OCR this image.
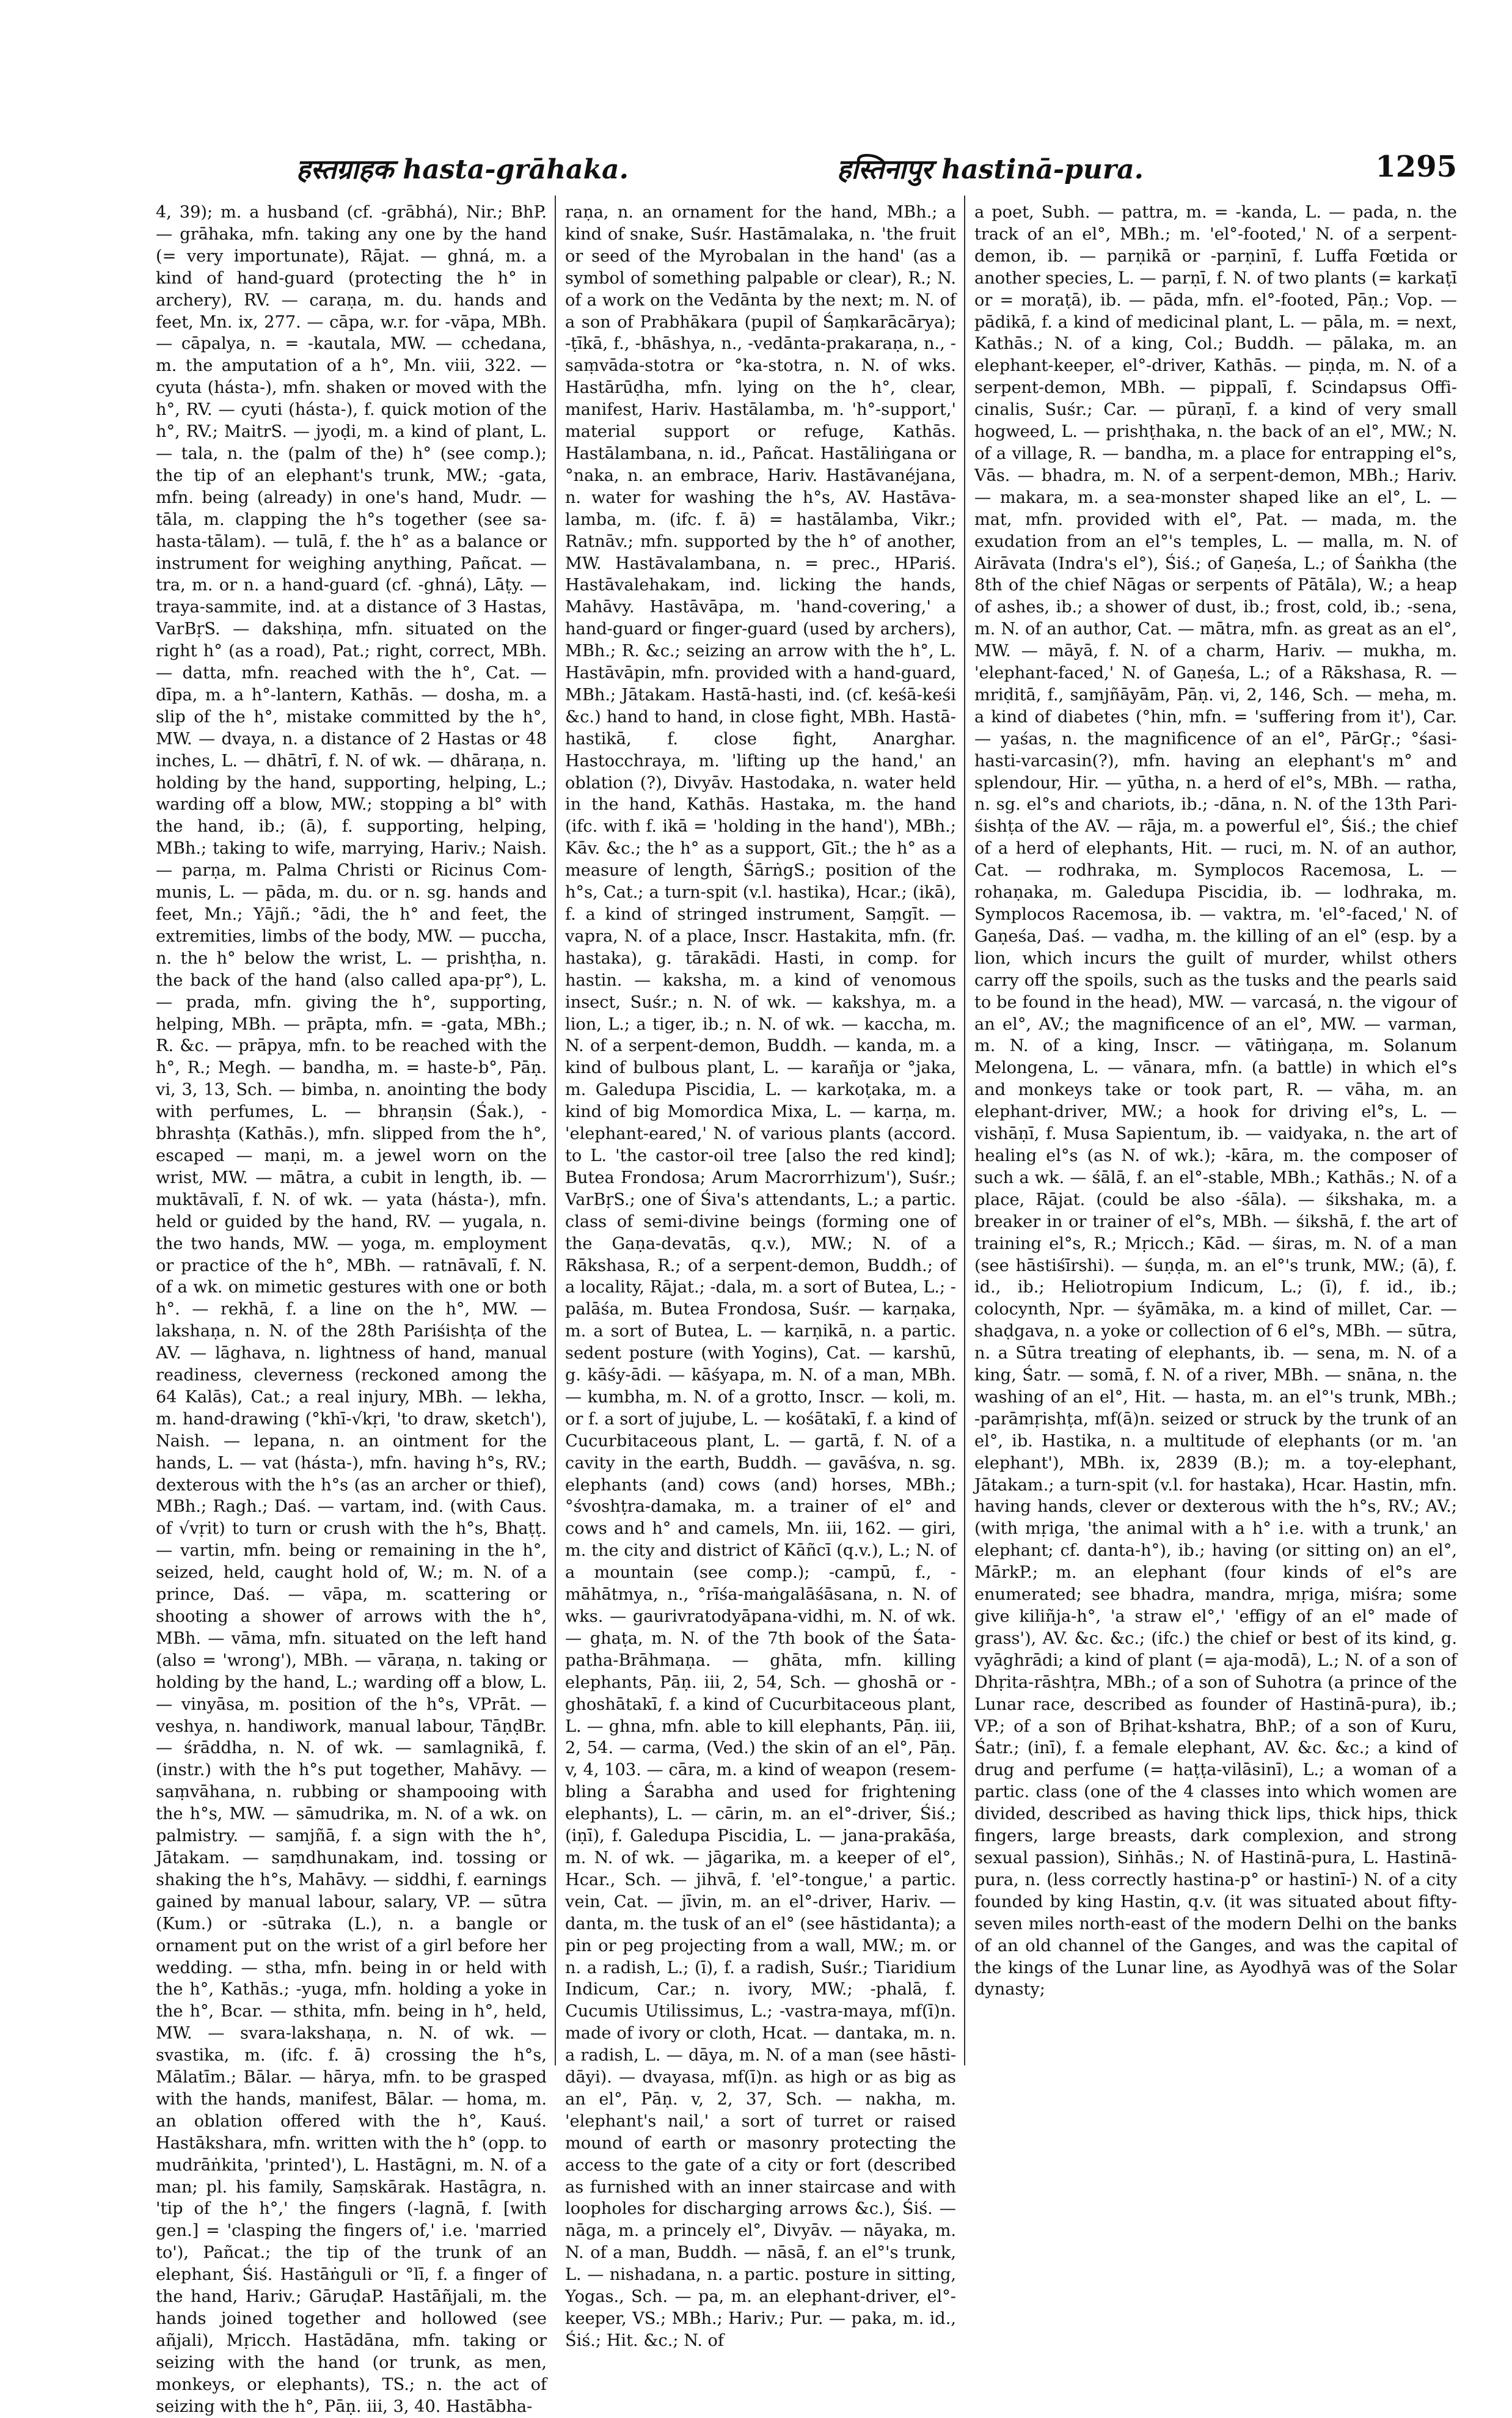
हस्तग्राहक hasta-grāhaka.	हस्तिनापुर hastinā-pura.	1295

4, 39); m. a husband (cf. -grābhá), Nir.; BhP. — grāhaka, mfn. taking any one by the hand (= very importunate), Rājat. — ghná, m. a kind of hand-guard (protecting the h° in archery), RV. — caraṇa, m. du. hands and feet, Mn. ix, 277. — cāpa, w.r. for -vāpa, MBh. — cāpalya, n. = -kautala, MW. — cchedana, m. the amputation of a h°, Mn. viii, 322. — cyuta (hásta-), mfn. shaken or moved with the h°, RV. — cyuti (hásta-), f. quick motion of the h°, RV.; MaitrS. — jyoḍi, m. a kind of plant, L. — tala, n. the (palm of the) h° (see comp.); the tip of an elephant's trunk, MW.; -gata, mfn. being (already) in one's hand, Mudr. — tāla, m. clapping the h°s together (see sa-hasta-tālam). — tulā, f. the h° as a balance or instrument for weighing anything, Pañcat. — tra, m. or n. a hand-guard (cf. -ghná), Lāṭy. — traya-sammite, ind. at a distance of 3 Hastas, VarBṛS. — dakshiṇa, mfn. situated on the right h° (as a road), Pat.; right, correct, MBh. — datta, mfn. reached with the h°, Cat. — dīpa, m. a h°-lantern, Kathās. — dosha, m. a slip of the h°, mistake committed by the h°, MW. — dvaya, n. a distance of 2 Hastas or 48 inches, L. — dhātrī, f. N. of wk. — dhāraṇa, n. holding by the hand, supporting, helping, L.; warding off a blow, MW.; stopping a bl° with the hand, ib.; (ā), f. supporting, helping, MBh.; taking to wife, marrying, Hariv.; Naish. — parṇa, m. Palma Christi or Ricinus Communis, L. — pāda, m. du. or n. sg. hands and feet, Mn.; Yājñ.; °ādi, the h° and feet, the extremities, limbs of the body, MW. — puccha, n. the h° below the wrist, L. — prishṭha, n. the back of the hand (also called apa-pṛ°), L. — prada, mfn. giving the h°, supporting, helping, MBh. — prāpta, mfn. = -gata, MBh.; R. &c. — prāpya, mfn. to be reached with the h°, R.; Megh. — bandha, m. = haste-b°, Pāṇ. vi, 3, 13, Sch. — bimba, n. anointing the body with perfumes, L. — bhraṇsin (Śak.), -bhrashṭa (Kathās.), mfn. slipped from the h°, escaped — maṇi, m. a jewel worn on the wrist, MW. — mātra, a cubit in length, ib. — muktāvalī, f. N. of wk. — yata (hásta-), mfn. held or guided by the hand, RV. — yugala, n. the two hands, MW. — yoga, m. employment or practice of the h°, MBh. — ratnāvalī, f. N. of a wk. on mimetic gestures with one or both h°. — rekhā, f. a line on the h°, MW. — lakshaṇa, n. N. of the 28th Pariśishṭa of the AV. — lāghava, n. lightness of hand, manual readiness, cleverness (reckoned among the 64 Kalās), Cat.; a real injury, MBh. — lekha, m. hand-drawing (°khī-√kṛi, 'to draw, sketch'), Naish. — lepana, n. an ointment for the hands, L. — vat (hásta-), mfn. having h°s, RV.; dexterous with the h°s (as an archer or thief), MBh.; Ragh.; Daś. — vartam, ind. (with Caus. of √vṛit) to turn or crush with the h°s, Bhaṭṭ. — vartin, mfn. being or remaining in the h°, seized, held, caught hold of, W.; m. N. of a prince, Daś. — vāpa, m. scattering or shooting a shower of arrows with the h°, MBh. — vāma, mfn. situated on the left hand (also = 'wrong'), MBh. — vāraṇa, n. taking or holding by the hand, L.; warding off a blow, L. — vinyāsa, m. position of the h°s, VPrāt. — veshya, n. handiwork, manual labour, TāṇḍBr. — śrāddha, n. N. of wk. — samlagnikā, f. (instr.) with the h°s put together, Mahāvy. — saṃvāhana, n. rubbing or shampooing with the h°s, MW. — sāmudrika, m. N. of a wk. on palmistry. — samjñā, f. a sign with the h°, Jātakam. — saṃdhunakam, ind. tossing or shaking the h°s, Mahāvy. — siddhi, f. earnings gained by manual labour, salary, VP. — sūtra (Kum.) or -sūtraka (L.), n. a bangle or ornament put on the wrist of a girl before her wedding. — stha, mfn. being in or held with the h°, Kathās.; -yuga, mfn. holding a yoke in the h°, Bcar. — sthita, mfn. being in h°, held, MW. — svara-lakshaṇa, n. N. of wk. — svastika, m. (ifc. f. ā) crossing the h°s, Mālatīm.; Bālar. — hārya, mfn. to be grasped with the hands, manifest, Bālar. — homa, m. an oblation offered with the h°, Kauś. Hastākshara, mfn. written with the h° (opp. to mudrāṅkita, 'printed'), L. Hastāgni, m. N. of a man; pl. his family, Saṃskārak. Hastāgra, n. 'tip of the h°,' the fingers (-lagnā, f. [with gen.] = 'clasping the fingers of,' i.e. 'married to'), Pañcat.; the tip of the trunk of an elephant, Śiś. Hastāṅguli or °lī, f. a finger of the hand, Hariv.; GāruḍaP. Hastāñjali, m. the hands joined together and hollowed (see añjali), Mṛicch. Hastādāna, mfn. taking or seizing with the hand (or trunk, as men, monkeys, or elephants), TS.; n. the act of seizing with the h°, Pāṇ. iii, 3, 40. Hastābha-

raṇa, n. an ornament for the hand, MBh.; a kind of snake, Suśr. Hastāmalaka, n. 'the fruit or seed of the Myrobalan in the hand' (as a symbol of something palpable or clear), R.; N. of a work on the Vedānta by the next; m. N. of a son of Prabhākara (pupil of Śaṃkarācārya); -ṭīkā, f., -bhāshya, n., -vedānta-prakaraṇa, n., -saṃvāda-stotra or °ka-stotra, n. N. of wks. Hastārūḍha, mfn. lying on the h°, clear, manifest, Hariv. Hastālamba, m. 'h°-support,' material support or refuge, Kathās. Hastālambana, n. id., Pañcat. Hastāliṅgana or °naka, n. an embrace, Hariv. Hastāvanéjana, n. water for washing the h°s, AV. Hastāvalamba, m. (ifc. f. ā) = hastālamba, Vikr.; Ratnāv.; mfn. supported by the h° of another, MW. Hastāvalambana, n. = prec., HPariś. Hastāvalehakam, ind. licking the hands, Mahāvy. Hastāvāpa, m. 'hand-covering,' a hand-guard or finger-guard (used by archers), MBh.; R. &c.; seizing an arrow with the h°, L. Hastāvāpin, mfn. provided with a hand-guard, MBh.; Jātakam. Hastā-hasti, ind. (cf. keśā-keśi &c.) hand to hand, in close fight, MBh. Hastā-hastikā, f. close fight, Anarghar. Hastocchraya, m. 'lifting up the hand,' an oblation (?), Divyāv. Hastodaka, n. water held in the hand, Kathās. Hastaka, m. the hand (ifc. with f. ikā = 'holding in the hand'), MBh.; Kāv. &c.; the h° as a support, Gīt.; the h° as a measure of length, ŚārṅgS.; position of the h°s, Cat.; a turn-spit (v.l. hastika), Hcar.; (ikā), f. a kind of stringed instrument, Saṃgīt. — vapra, N. of a place, Inscr. Hastakita, mfn. (fr. hastaka), g. tārakādi. Hasti, in comp. for hastin. — kaksha, m. a kind of venomous insect, Suśr.; n. N. of wk. — kakshya, m. a lion, L.; a tiger, ib.; n. N. of wk. — kaccha, m. N. of a serpent-demon, Buddh. — kanda, m. a kind of bulbous plant, L. — karañja or °jaka, m. Galedupa Piscidia, L. — karkoṭaka, m. a kind of big Momordica Mixa, L. — karṇa, m. 'elephant-eared,' N. of various plants (accord. to L. 'the castor-oil tree [also the red kind]; Butea Frondosa; Arum Macrorrhizum'), Suśr.; VarBṛS.; one of Śiva's attendants, L.; a partic. class of semi-divine beings (forming one of the Gaṇa-devatās, q.v.), MW.; N. of a Rākshasa, R.; of a serpent-demon, Buddh.; of a locality, Rājat.; -dala, m. a sort of Butea, L.; -palāśa, m. Butea Frondosa, Suśr. — karṇaka, m. a sort of Butea, L. — karṇikā, n. a partic. sedent posture (with Yogins), Cat. — karshū, g. kāśy-ādi. — kāśyapa, m. N. of a man, MBh. — kumbha, m. N. of a grotto, Inscr. — koli, m. or f. a sort of jujube, L. — kośātakī, f. a kind of Cucurbitaceous plant, L. — gartā, f. N. of a cavity in the earth, Buddh. — gavāśva, n. sg. elephants (and) cows (and) horses, MBh.; °śvoshṭra-damaka, m. a trainer of el° and cows and h° and camels, Mn. iii, 162. — giri, m. the city and district of Kāñcī (q.v.), L.; N. of a mountain (see comp.); -campū, f., -māhātmya, n., °rīśa-maṅgalāśāsana, n. N. of wks. — gaurivratodyāpana-vidhi, m. N. of wk. — ghaṭa, m. N. of the 7th book of the Śata-patha-Brāhmaṇa. — ghāta, mfn. killing elephants, Pāṇ. iii, 2, 54, Sch. — ghoshā or -ghoshātakī, f. a kind of Cucurbitaceous plant, L. — ghna, mfn. able to kill elephants, Pāṇ. iii, 2, 54. — carma, (Ved.) the skin of an el°, Pāṇ. v, 4, 103. — cāra, m. a kind of weapon (resembling a Śarabha and used for frightening elephants), L. — cārin, m. an el°-driver, Śiś.; (iṇī), f. Galedupa Piscidia, L. — jana-prakāśa, m. N. of wk. — jāgarika, m. a keeper of el°, Hcar., Sch. — jihvā, f. 'el°-tongue,' a partic. vein, Cat. — jīvin, m. an el°-driver, Hariv. — danta, m. the tusk of an el° (see hāstidanta); a pin or peg projecting from a wall, MW.; m. or n. a radish, L.; (ī), f. a radish, Suśr.; Tiaridium Indicum, Car.; n. ivory, MW.; -phalā, f. Cucumis Utilissimus, L.; -vastra-maya, mf(ī)n. made of ivory or cloth, Hcat. — dantaka, m. n. a radish, L. — dāya, m. N. of a man (see hāstidāyi). — dvayasa, mf(ī)n. as high or as big as an el°, Pāṇ. v, 2, 37, Sch. — nakha, m. 'elephant's nail,' a sort of turret or raised mound of earth or masonry protecting the access to the gate of a city or fort (described as furnished with an inner staircase and with loopholes for discharging arrows &c.), Śiś. — nāga, m. a princely el°, Divyāv. — nāyaka, m. N. of a man, Buddh. — nāsā, f. an el°'s trunk, L. — nishadana, n. a partic. posture in sitting, Yogas., Sch. — pa, m. an elephant-driver, el°-keeper, VS.; MBh.; Hariv.; Pur. — paka, m. id., Śiś.; Hit. &c.; N. of

a poet, Subh. — pattra, m. = -kanda, L. — pada, n. the track of an el°, MBh.; m. 'el°-footed,' N. of a serpent-demon, ib. — parṇikā or -parṇinī, f. Luffa Fœtida or another species, L. — parṇī, f. N. of two plants (= karkaṭī or = moraṭā), ib. — pāda, mfn. el°-footed, Pāṇ.; Vop. — pādikā, f. a kind of medicinal plant, L. — pāla, m. = next, Kathās.; N. of a king, Col.; Buddh. — pālaka, m. an elephant-keeper, el°-driver, Kathās. — piṇḍa, m. N. of a serpent-demon, MBh. — pippalī, f. Scindapsus Officinalis, Suśr.; Car. — pūraṇī, f. a kind of very small hogweed, L. — prishṭhaka, n. the back of an el°, MW.; N. of a village, R. — bandha, m. a place for entrapping el°s, Vās. — bhadra, m. N. of a serpent-demon, MBh.; Hariv. — makara, m. a sea-monster shaped like an el°, L. — mat, mfn. provided with el°, Pat. — mada, m. the exudation from an el°'s temples, L. — malla, m. N. of Airāvata (Indra's el°), Śiś.; of Gaṇeśa, L.; of Śaṅkha (the 8th of the chief Nāgas or serpents of Pātāla), W.; a heap of ashes, ib.; a shower of dust, ib.; frost, cold, ib.; -sena, m. N. of an author, Cat. — mātra, mfn. as great as an el°, MW. — māyā, f. N. of a charm, Hariv. — mukha, m. 'elephant-faced,' N. of Gaṇeśa, L.; of a Rākshasa, R. — mriḍitā, f., samjñāyām, Pāṇ. vi, 2, 146, Sch. — meha, m. a kind of diabetes (°hin, mfn. = 'suffering from it'), Car. — yaśas, n. the magnificence of an el°, PārGṛ.; °śasi-hasti-varcasin(?), mfn. having an elephant's m° and splendour, Hir. — yūtha, n. a herd of el°s, MBh. — ratha, n. sg. el°s and chariots, ib.; -dāna, n. N. of the 13th Pariśishṭa of the AV. — rāja, m. a powerful el°, Śiś.; the chief of a herd of elephants, Hit. — ruci, m. N. of an author, Cat. — rodhraka, m. Symplocos Racemosa, L. — rohaṇaka, m. Galedupa Piscidia, ib. — lodhraka, m. Symplocos Racemosa, ib. — vaktra, m. 'el°-faced,' N. of Gaṇeśa, Daś. — vadha, m. the killing of an el° (esp. by a lion, which incurs the guilt of murder, whilst others carry off the spoils, such as the tusks and the pearls said to be found in the head), MW. — varcasá, n. the vigour of an el°, AV.; the magnificence of an el°, MW. — varman, m. N. of a king, Inscr. — vātiṅgaṇa, m. Solanum Melongena, L. — vānara, mfn. (a battle) in which el°s and monkeys take or took part, R. — vāha, m. an elephant-driver, MW.; a hook for driving el°s, L. — vishāṇī, f. Musa Sapientum, ib. — vaidyaka, n. the art of healing el°s (as N. of wk.); -kāra, m. the composer of such a wk. — śālā, f. an el°-stable, MBh.; Kathās.; N. of a place, Rājat. (could be also -śāla). — śikshaka, m. a breaker in or trainer of el°s, MBh. — śikshā, f. the art of training el°s, R.; Mṛicch.; Kād. — śiras, m. N. of a man (see hāstiśīrshi). — śuṇḍa, m. an el°'s trunk, MW.; (ā), f. id., ib.; Heliotropium Indicum, L.; (ī), f. id., ib.; colocynth, Npr. — śyāmāka, m. a kind of millet, Car. — shaḍgava, n. a yoke or collection of 6 el°s, MBh. — sūtra, n. a Sūtra treating of elephants, ib. — sena, m. N. of a king, Śatr. — somā, f. N. of a river, MBh. — snāna, n. the washing of an el°, Hit. — hasta, m. an el°'s trunk, MBh.; -parāmṛishṭa, mf(ā)n. seized or struck by the trunk of an el°, ib. Hastika, n. a multitude of elephants (or m. 'an elephant'), MBh. ix, 2839 (B.); m. a toy-elephant, Jātakam.; a turn-spit (v.l. for hastaka), Hcar. Hastin, mfn. having hands, clever or dexterous with the h°s, RV.; AV.; (with mṛiga, 'the animal with a h° i.e. with a trunk,' an elephant; cf. danta-h°), ib.; having (or sitting on) an el°, MārkP.; m. an elephant (four kinds of el°s are enumerated; see bhadra, mandra, mṛiga, miśra; some give kiliñja-h°, 'a straw el°,' 'effigy of an el° made of grass'), AV. &c. &c.; (ifc.) the chief or best of its kind, g. vyāghrādi; a kind of plant (= aja-modā), L.; N. of a son of Dhṛita-rāshṭra, MBh.; of a son of Suhotra (a prince of the Lunar race, described as founder of Hastinā-pura), ib.; VP.; of a son of Bṛihat-kshatra, BhP.; of a son of Kuru, Śatr.; (inī), f. a female elephant, AV. &c. &c.; a kind of drug and perfume (= haṭṭa-vilāsinī), L.; a woman of a partic. class (one of the 4 classes into which women are divided, described as having thick lips, thick hips, thick fingers, large breasts, dark complexion, and strong sexual passion), Siṅhās.; N. of Hastinā-pura, L. Hastinā-pura, n. (less correctly hastina-p° or hastinī-) N. of a city founded by king Hastin, q.v. (it was situated about fifty-seven miles north-east of the modern Delhi on the banks of an old channel of the Ganges, and was the capital of the kings of the Lunar line, as Ayodhyā was of the Solar dynasty;
